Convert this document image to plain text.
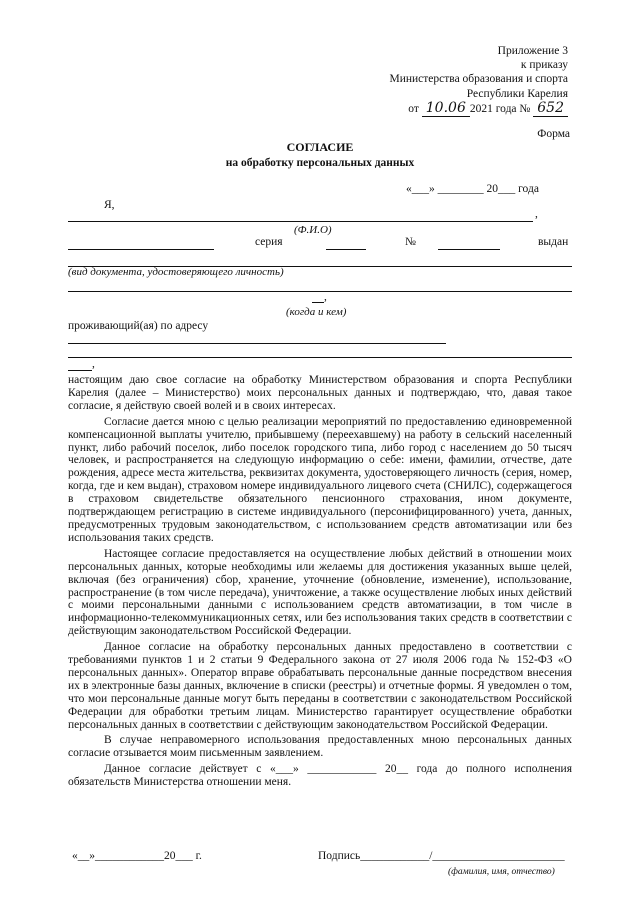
Приложение 3
к приказу
Министерства образования и спорта
Республики Карелия
от 10.06 2021 года № 652
Форма
СОГЛАСИЕ
на обработку персональных данных
«___» ________ 20___ года
Я,
,
(Ф.И.О)
серия	№	выдан
(вид документа, удостоверяющего личность)
,
(когда и кем)
проживающий(ая) по адресу
,

настоящим даю свое согласие на обработку Министерством образования и спорта Республики Карелия (далее – Министерство) моих персональных данных и подтверждаю, что, давая такое согласие, я действую своей волей и в своих интересах.

Согласие дается мною с целью реализации мероприятий по предоставлению единовременной компенсационной выплаты учителю, прибывшему (переехавшему) на работу в сельский населенный пункт, либо рабочий поселок, либо поселок городского типа, либо город с населением до 50 тысяч человек, и распространяется на следующую информацию о себе: имени, фамилии, отчестве, дате рождения, адресе места жительства, реквизитах документа, удостоверяющего личность (серия, номер, когда, где и кем выдан), страховом номере индивидуального лицевого счета (СНИЛС), содержащегося в страховом свидетельстве обязательного пенсионного страхования, ином документе, подтверждающем регистрацию в системе индивидуального (персонифицированного) учета, данных, предусмотренных трудовым законодательством, с использованием средств автоматизации или без использования таких средств.

Настоящее согласие предоставляется на осуществление любых действий в отношении моих персональных данных, которые необходимы или желаемы для достижения указанных выше целей, включая (без ограничения) сбор, хранение, уточнение (обновление, изменение), использование, распространение (в том числе передача), уничтожение, а также осуществление любых иных действий с моими персональными данными с использованием средств автоматизации, в том числе в информационно-телекоммуникационных сетях, или без использования таких средств в соответствии с действующим законодательством Российской Федерации.

Данное согласие на обработку персональных данных предоставлено в соответствии с требованиями пунктов 1 и 2 статьи 9 Федерального закона от 27 июля 2006 года № 152-ФЗ «О персональных данных». Оператор вправе обрабатывать персональные данные посредством внесения их в электронные базы данных, включение в списки (реестры) и отчетные формы. Я уведомлен о том, что мои персональные данные могут быть переданы в соответствии с законодательством Российской Федерации для обработки третьим лицам. Министерство гарантирует осуществление обработки персональных данных в соответствии с действующим законодательством Российской Федерации.

В случае неправомерного использования предоставленных мною персональных данных согласие отзывается моим письменным заявлением.

Данное согласие действует с «___» ____________ 20__ года до полного исполнения обязательств Министерства отношении меня.

«__»____________20___ г.	Подпись____________/_______________________
(фамилия, имя, отчество)
